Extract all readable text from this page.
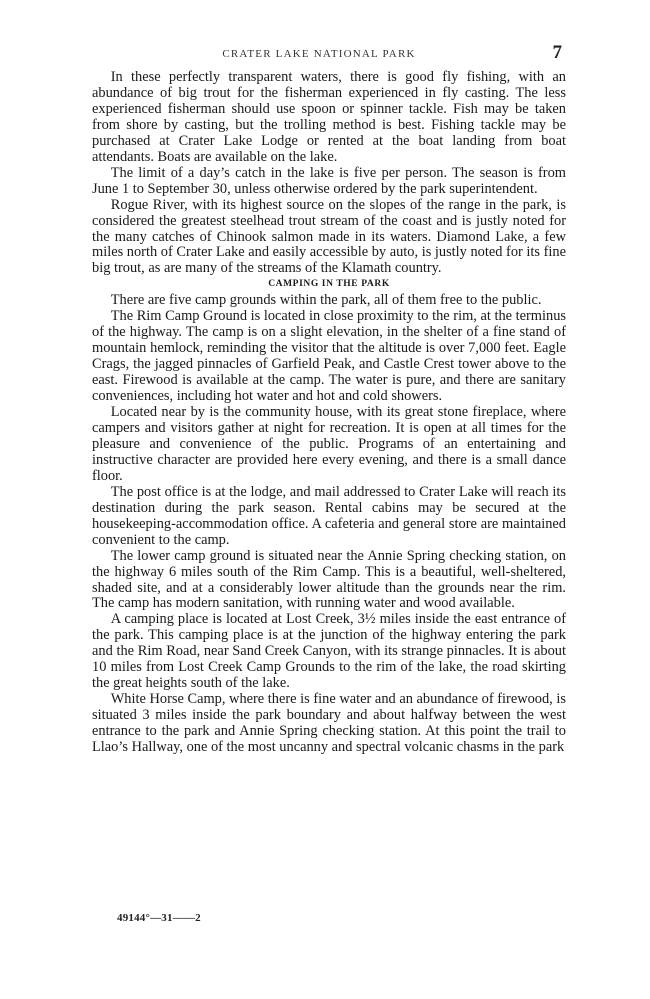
CRATER LAKE NATIONAL PARK	7

In these perfectly transparent waters, there is good fly fishing, with an abundance of big trout for the fisherman experienced in fly casting. The less experienced fisherman should use spoon or spinner tackle. Fish may be taken from shore by casting, but the trolling method is best. Fishing tackle may be purchased at Crater Lake Lodge or rented at the boat landing from boat attendants. Boats are available on the lake.

The limit of a day’s catch in the lake is five per person. The season is from June 1 to September 30, unless otherwise ordered by the park superintendent.

Rogue River, with its highest source on the slopes of the range in the park, is considered the greatest steelhead trout stream of the coast and is justly noted for the many catches of Chinook salmon made in its waters. Diamond Lake, a few miles north of Crater Lake and easily accessible by auto, is justly noted for its fine big trout, as are many of the streams of the Klamath country.

CAMPING IN THE PARK

There are five camp grounds within the park, all of them free to the public.

The Rim Camp Ground is located in close proximity to the rim, at the terminus of the highway. The camp is on a slight elevation, in the shelter of a fine stand of mountain hemlock, reminding the visitor that the altitude is over 7,000 feet. Eagle Crags, the jagged pinnacles of Garfield Peak, and Castle Crest tower above to the east. Firewood is available at the camp. The water is pure, and there are sanitary conveniences, including hot water and hot and cold showers.

Located near by is the community house, with its great stone fireplace, where campers and visitors gather at night for recreation. It is open at all times for the pleasure and convenience of the public. Programs of an entertaining and instructive character are provided here every evening, and there is a small dance floor.

The post office is at the lodge, and mail addressed to Crater Lake will reach its destination during the park season. Rental cabins may be secured at the housekeeping-accommodation office. A cafeteria and general store are maintained convenient to the camp.

The lower camp ground is situated near the Annie Spring checking station, on the highway 6 miles south of the Rim Camp. This is a beautiful, well-sheltered, shaded site, and at a considerably lower altitude than the grounds near the rim. The camp has modern sanitation, with running water and wood available.

A camping place is located at Lost Creek, 3½ miles inside the east entrance of the park. This camping place is at the junction of the highway entering the park and the Rim Road, near Sand Creek Canyon, with its strange pinnacles. It is about 10 miles from Lost Creek Camp Grounds to the rim of the lake, the road skirting the great heights south of the lake.

White Horse Camp, where there is fine water and an abundance of firewood, is situated 3 miles inside the park boundary and about halfway between the west entrance to the park and Annie Spring checking station. At this point the trail to Llao’s Hallway, one of the most uncanny and spectral volcanic chasms in the park

49144°—31——2
